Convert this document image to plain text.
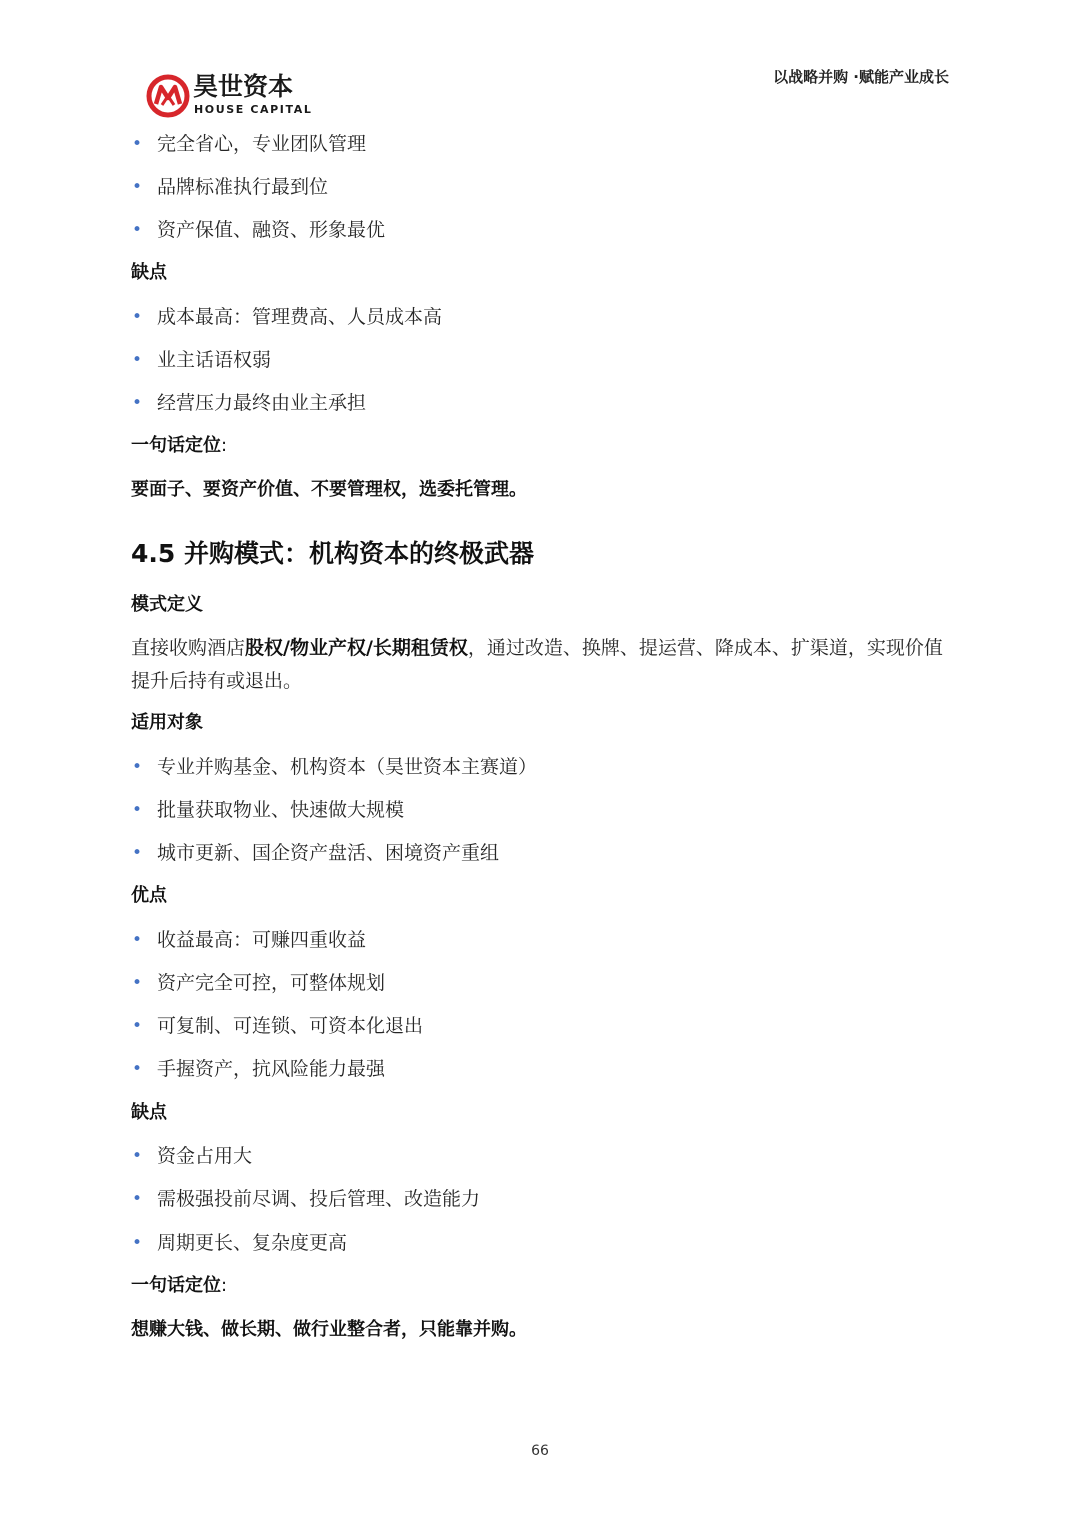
昊世资本
HOUSE CAPITAL
以战略并购 ·赋能产业成长
• 完全省心，专业团队管理
• 品牌标准执行最到位
• 资产保值、融资、形象最优
缺点
• 成本最高：管理费高、人员成本高
• 业主话语权弱
• 经营压力最终由业主承担
一句话定位:
要面子、要资产价值、不要管理权，选委托管理。
4.5 并购模式：机构资本的终极武器
模式定义
直接收购酒店股权/物业产权/长期租赁权，通过改造、换牌、提运营、降成本、扩渠道，实现价值提升后持有或退出。
适用对象
• 专业并购基金、机构资本（昊世资本主赛道）
• 批量获取物业、快速做大规模
• 城市更新、国企资产盘活、困境资产重组
优点
• 收益最高：可赚四重收益
• 资产完全可控，可整体规划
• 可复制、可连锁、可资本化退出
• 手握资产，抗风险能力最强
缺点
• 资金占用大
• 需极强投前尽调、投后管理、改造能力
• 周期更长、复杂度更高
一句话定位:
想赚大钱、做长期、做行业整合者，只能靠并购。
66
